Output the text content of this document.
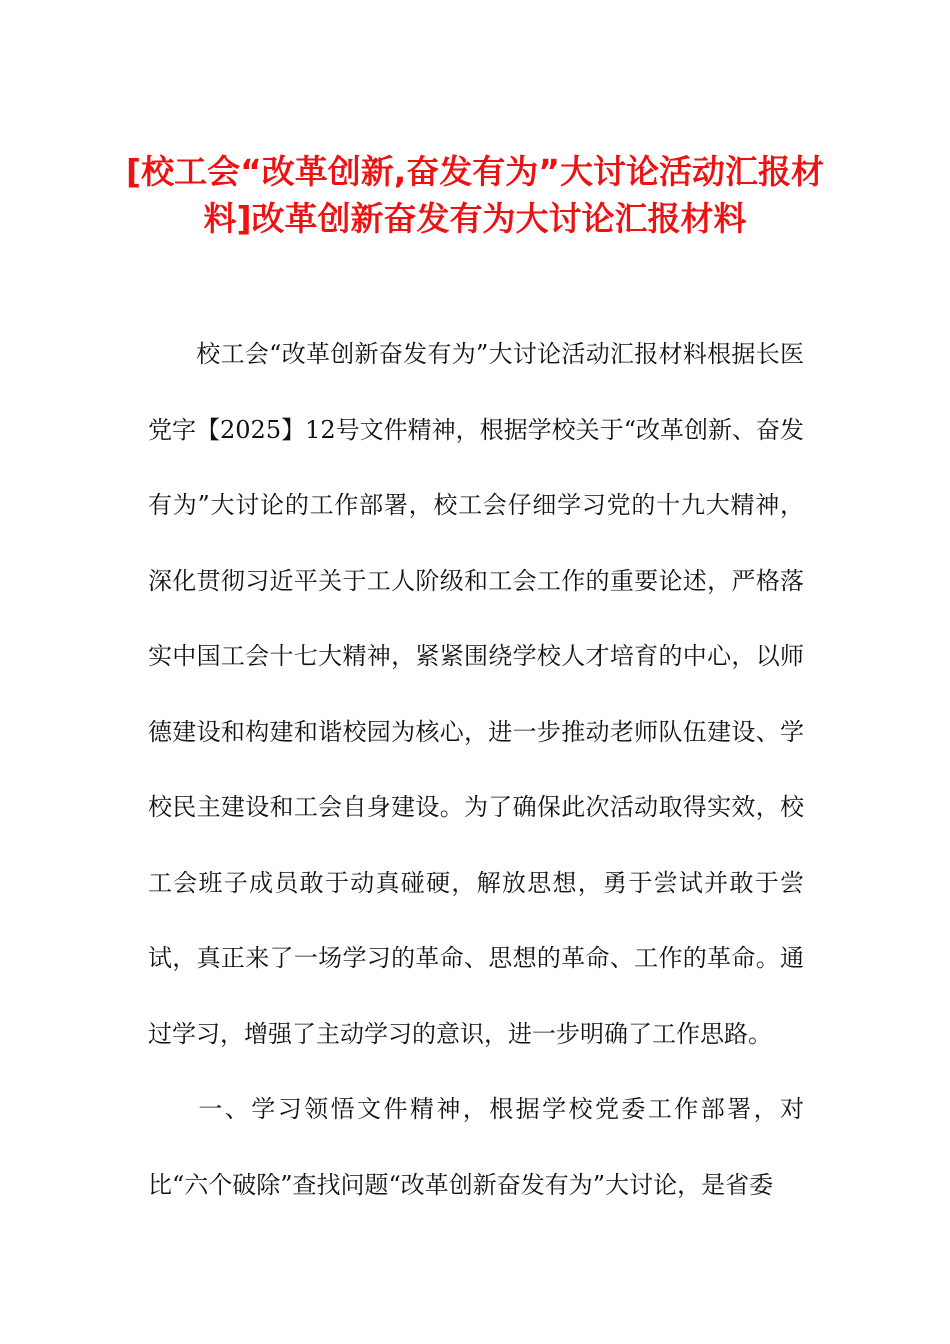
[校工会“改革创新,奋发有为”大讨论活动汇报材料]改革创新奋发有为大讨论汇报材料

校工会“改革创新奋发有为”大讨论活动汇报材料根据长医党字【2025】12号文件精神，根据学校关于“改革创新、奋发有为”大讨论的工作部署，校工会仔细学习党的十九大精神，深化贯彻习近平关于工人阶级和工会工作的重要论述，严格落实中国工会十七大精神，紧紧围绕学校人才培育的中心，以师德建设和构建和谐校园为核心，进一步推动老师队伍建设、学校民主建设和工会自身建设。为了确保此次活动取得实效，校工会班子成员敢于动真碰硬，解放思想，勇于尝试并敢于尝试，真正来了一场学习的革命、思想的革命、工作的革命。通过学习，增强了主动学习的意识，进一步明确了工作思路。

一、学习领悟文件精神，根据学校党委工作部署，对比“六个破除”查找问题“改革创新奋发有为”大讨论，是省委
